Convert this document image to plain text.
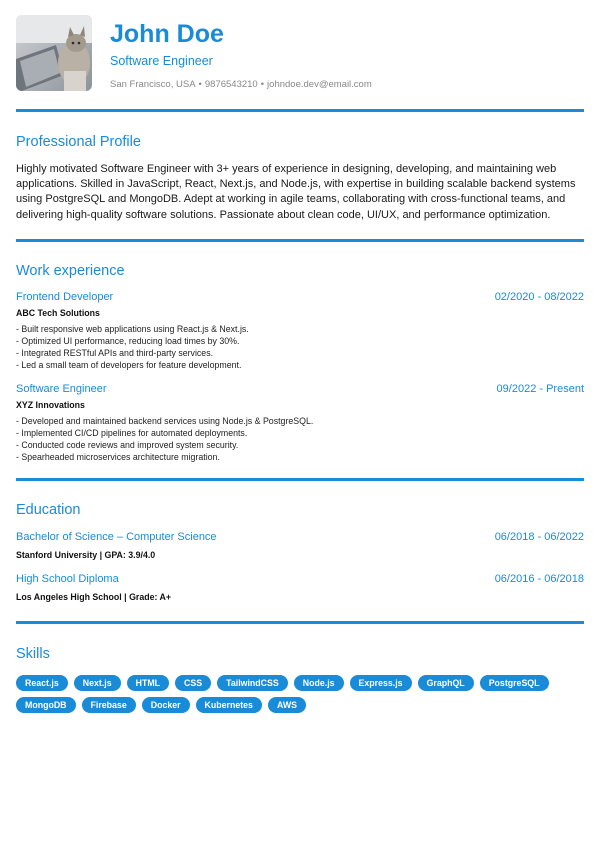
John Doe
Software Engineer
San Francisco, USA • 9876543210 • johndoe.dev@email.com
Professional Profile

Highly motivated Software Engineer with 3+ years of experience in designing, developing, and maintaining web applications. Skilled in JavaScript, React, Next.js, and Node.js, with expertise in building scalable backend systems using PostgreSQL and MongoDB. Adept at working in agile teams, collaborating with cross-functional teams, and delivering high-quality software solutions. Passionate about clean code, UI/UX, and performance optimization.

Work experience
Frontend Developer	02/2020 - 08/2022
ABC Tech Solutions
- Built responsive web applications using React.js & Next.js.
- Optimized UI performance, reducing load times by 30%.
- Integrated RESTful APIs and third-party services.
- Led a small team of developers for feature development.
Software Engineer	09/2022 - Present
XYZ Innovations
- Developed and maintained backend services using Node.js & PostgreSQL.
- Implemented CI/CD pipelines for automated deployments.
- Conducted code reviews and improved system security.
- Spearheaded microservices architecture migration.
Education
Bachelor of Science – Computer Science	06/2018 - 06/2022
Stanford University | GPA: 3.9/4.0
High School Diploma	06/2016 - 06/2018
Los Angeles High School | Grade: A+
Skills
React.js	Next.js	HTML	CSS	TailwindCSS	Node.js	Express.js	GraphQL	PostgreSQL
MongoDB	Firebase	Docker	Kubernetes	AWS
